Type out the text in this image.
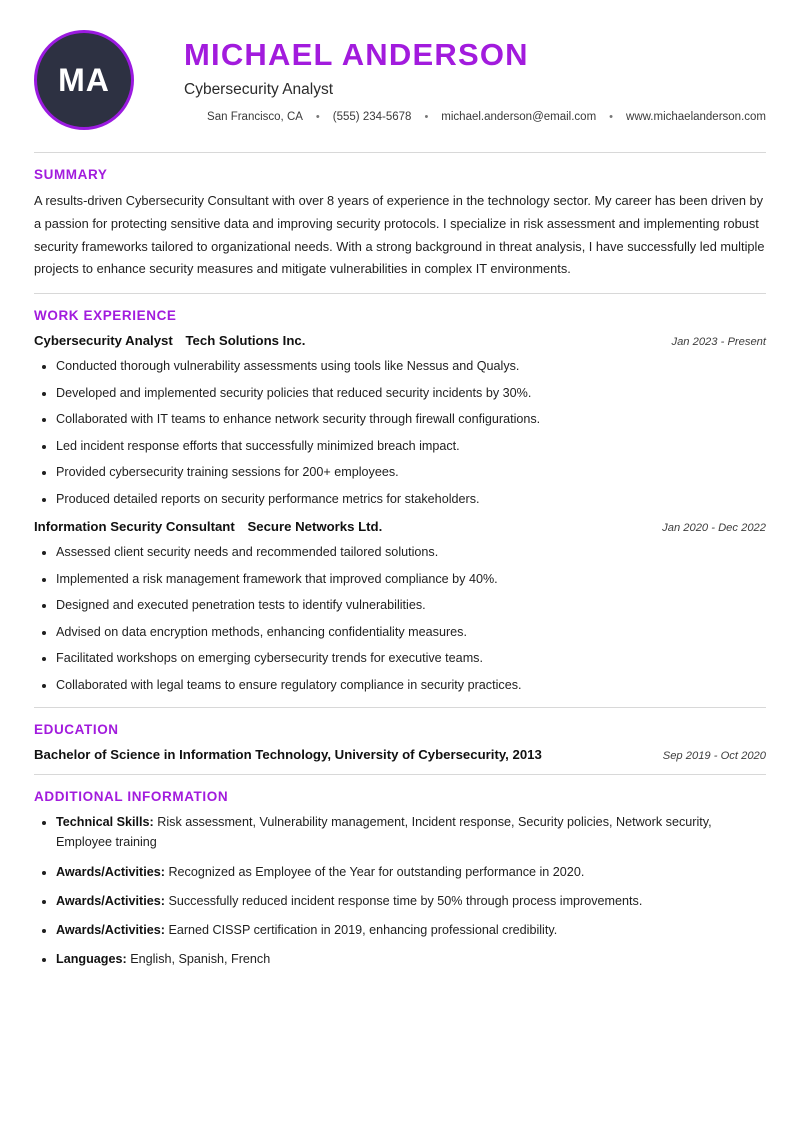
MA
MICHAEL ANDERSON
Cybersecurity Analyst
San Francisco, CA	•	(555) 234-5678	•	michael.anderson@email.com	•	www.michaelanderson.com
SUMMARY
A results-driven Cybersecurity Consultant with over 8 years of experience in the technology sector. My career has been driven by a passion for protecting sensitive data and improving security protocols. I specialize in risk assessment and implementing robust security frameworks tailored to organizational needs. With a strong background in threat analysis, I have successfully led multiple projects to enhance security measures and mitigate vulnerabilities in complex IT environments.
WORK EXPERIENCE
Cybersecurity Analyst Tech Solutions Inc.	Jan 2023 - Present
• Conducted thorough vulnerability assessments using tools like Nessus and Qualys.
• Developed and implemented security policies that reduced security incidents by 30%.
• Collaborated with IT teams to enhance network security through firewall configurations.
• Led incident response efforts that successfully minimized breach impact.
• Provided cybersecurity training sessions for 200+ employees.
• Produced detailed reports on security performance metrics for stakeholders.
Information Security Consultant Secure Networks Ltd.	Jan 2020 - Dec 2022
• Assessed client security needs and recommended tailored solutions.
• Implemented a risk management framework that improved compliance by 40%.
• Designed and executed penetration tests to identify vulnerabilities.
• Advised on data encryption methods, enhancing confidentiality measures.
• Facilitated workshops on emerging cybersecurity trends for executive teams.
• Collaborated with legal teams to ensure regulatory compliance in security practices.
EDUCATION
Bachelor of Science in Information Technology, University of Cybersecurity, 2013	Sep 2019 - Oct 2020
ADDITIONAL INFORMATION
• Technical Skills: Risk assessment, Vulnerability management, Incident response, Security policies, Network security, Employee training
• Awards/Activities: Recognized as Employee of the Year for outstanding performance in 2020.
• Awards/Activities: Successfully reduced incident response time by 50% through process improvements.
• Awards/Activities: Earned CISSP certification in 2019, enhancing professional credibility.
• Languages: English, Spanish, French
